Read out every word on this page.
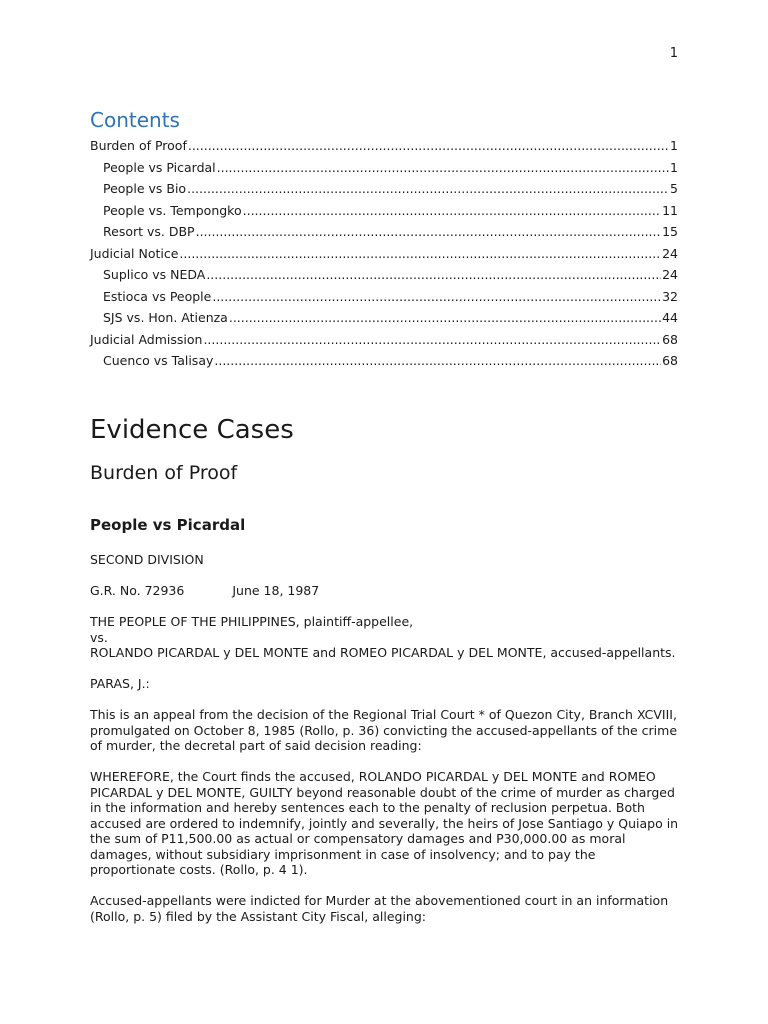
1
Contents
Burden of Proof .....	1
People vs Picardal .....	1
People vs Bio .....	5
People vs. Tempongko .....	11
Resort vs. DBP .....	15
Judicial Notice .....	24
Suplico vs NEDA .....	24
Estioca vs People .....	32
SJS vs. Hon. Atienza .....	44
Judicial Admission .....	68
Cuenco vs Talisay .....	68
Evidence Cases
Burden of Proof
People vs Picardal

SECOND DIVISION

G.R. No. 72936	June 18, 1987

THE PEOPLE OF THE PHILIPPINES, plaintiff-appellee,
vs.
ROLANDO PICARDAL y DEL MONTE and ROMEO PICARDAL y DEL MONTE, accused-appellants.

PARAS, J.:

This is an appeal from the decision of the Regional Trial Court * of Quezon City, Branch XCVIII, promulgated on October 8, 1985 (Rollo, p. 36) convicting the accused-appellants of the crime of murder, the decretal part of said decision reading:

WHEREFORE, the Court finds the accused, ROLANDO PICARDAL y DEL MONTE and ROMEO PICARDAL y DEL MONTE, GUILTY beyond reasonable doubt of the crime of murder as charged in the information and hereby sentences each to the penalty of reclusion perpetua. Both accused are ordered to indemnify, jointly and severally, the heirs of Jose Santiago y Quiapo in the sum of P11,500.00 as actual or compensatory damages and P30,000.00 as moral damages, without subsidiary imprisonment in case of insolvency; and to pay the proportionate costs. (Rollo, p. 4 1).

Accused-appellants were indicted for Murder at the abovementioned court in an information (Rollo, p. 5) filed by the Assistant City Fiscal, alleging:
